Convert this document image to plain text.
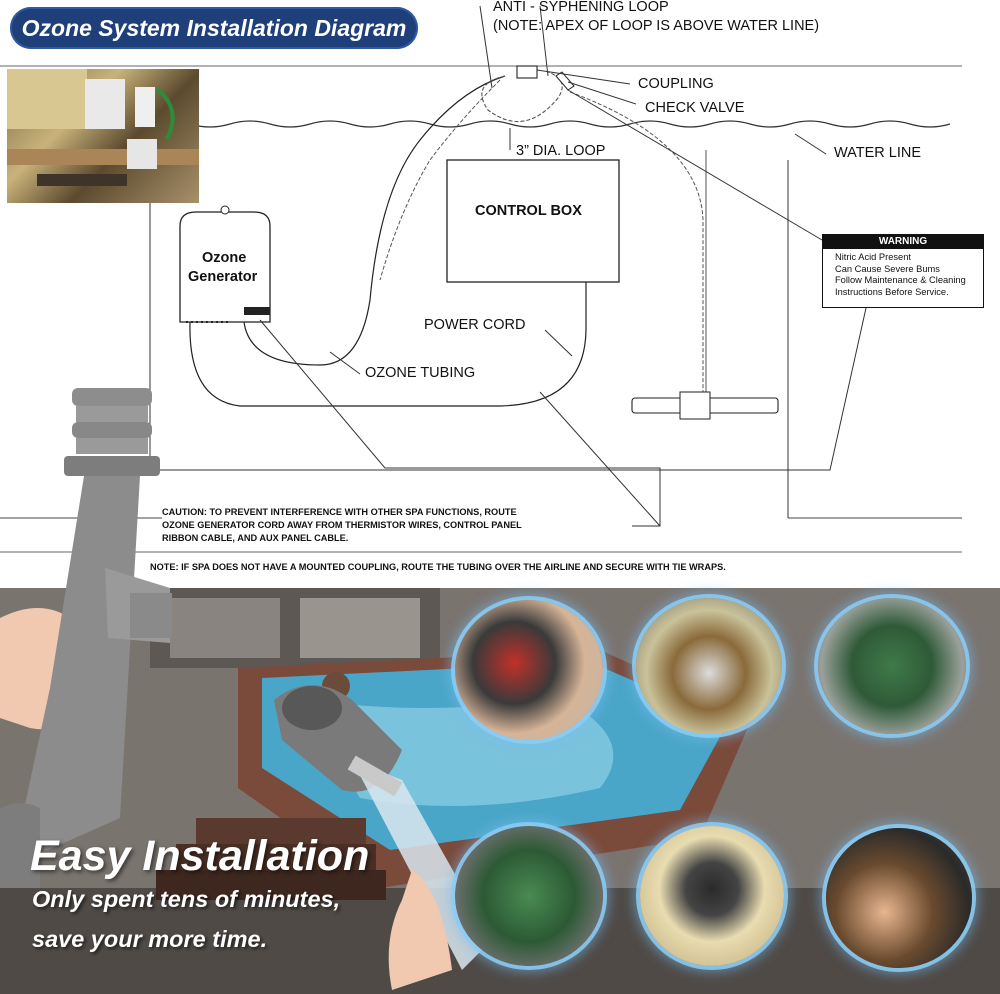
Ozone System Installation Diagram
ANTI - SYPHENING LOOP
(NOTE: APEX OF LOOP IS ABOVE WATER LINE)
COUPLING
CHECK VALVE
WATER LINE
3” DIA. LOOP
CONTROL BOX
Ozone
Generator
POWER CORD
OZONE TUBING
WARNING
Nitric Acid Present
Can Cause Severe Bums
Follow Maintenance & Cleaning
Instructions Before Service.
CAUTION: TO PREVENT INTERFERENCE WITH OTHER SPA FUNCTIONS, ROUTE
OZONE GENERATOR CORD AWAY FROM THERMISTOR WIRES, CONTROL PANEL
RIBBON CABLE, AND AUX PANEL CABLE.
NOTE: IF SPA DOES NOT HAVE A MOUNTED COUPLING, ROUTE THE TUBING OVER THE AIRLINE AND SECURE WITH TIE WRAPS.
Easy Installation
Only spent tens of minutes,
save your more time.
